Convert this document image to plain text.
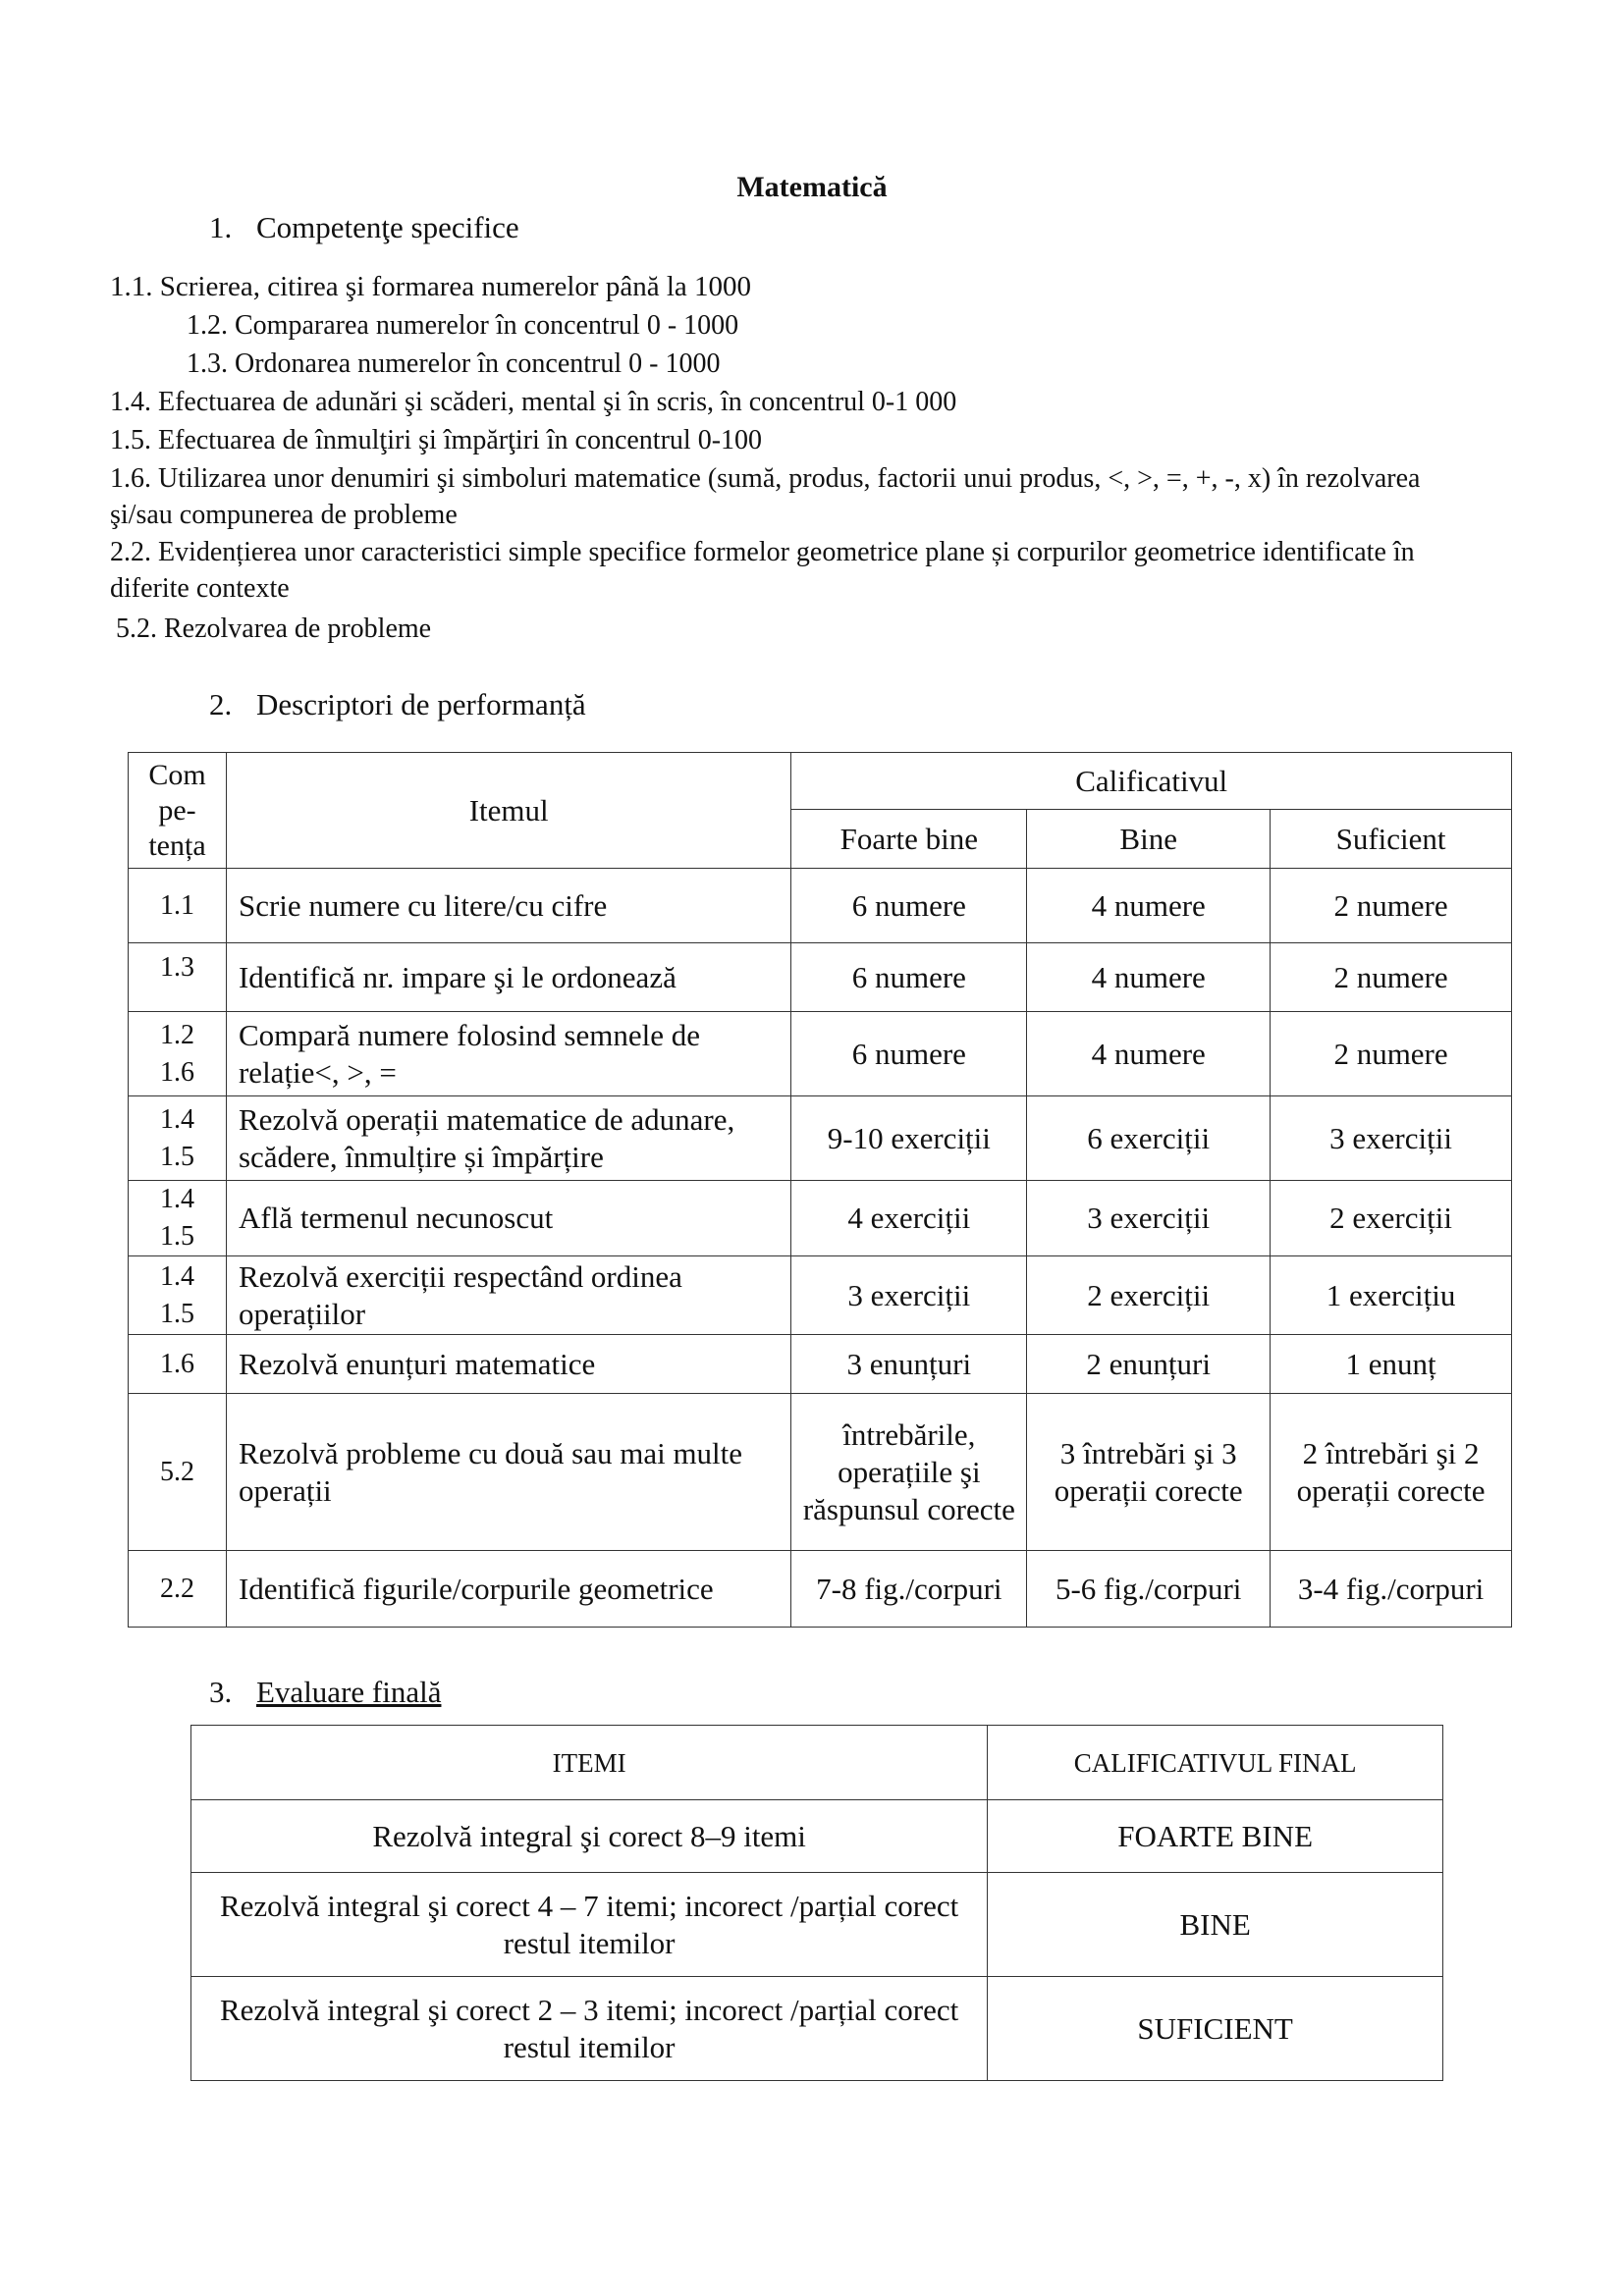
Matematică
1. Competenţe specifice
1.1. Scrierea, citirea şi formarea numerelor până la 1000
1.2. Compararea numerelor în concentrul 0 - 1000
1.3. Ordonarea numerelor în concentrul 0 - 1000
1.4. Efectuarea de adunări şi scăderi, mental şi în scris, în concentrul 0-1 000
1.5. Efectuarea de înmulţiri şi împărţiri în concentrul 0-100
1.6. Utilizarea unor denumiri şi simboluri matematice (sumă, produs, factorii unui produs, <, >, =, +, -, x) în rezolvarea şi/sau compunerea de probleme
2.2. Evidențierea unor caracteristici simple specifice formelor geometrice plane și corpurilor geometrice identificate în diferite contexte
5.2. Rezolvarea de probleme
2. Descriptori de performanță
Com pe- tența	Itemul	Calificativul		
		Foarte bine	Bine	Suficient

1.1	Scrie numere cu litere/cu cifre	6 numere	4 numere	2 numere

1.3	Identifică nr. impare şi le ordonează	6 numere	4 numere	2 numere

1.2
1.6	Compară numere folosind semnele de relație<, >, =	6 numere	4 numere	2 numere

1.4
1.5	Rezolvă operații matematice de adunare, scădere, înmulțire și împărțire	9-10 exerciții	6 exerciții	3 exerciții

1.4
1.5	Află termenul necunoscut	4 exerciții	3 exerciții	2 exerciții

1.4
1.5	Rezolvă exerciții respectând ordinea operațiilor	3 exerciții	2 exerciții	1 exercițiu

1.6	Rezolvă enunțuri matematice	3 enunțuri	2 enunțuri	1 enunț

5.2	Rezolvă probleme cu două sau mai multe operații	întrebările, operațiile şi răspunsul corecte	3 întrebări şi 3 operații corecte	2 întrebări şi 2 operații corecte

2.2	Identifică figurile/corpurile geometrice	7-8 fig./corpuri	5-6 fig./corpuri	3-4 fig./corpuri
3. Evaluare finală
ITEMI	CALIFICATIVUL FINAL
Rezolvă integral şi corect 8–9 itemi	FOARTE BINE
Rezolvă integral şi corect 4 – 7 itemi; incorect /parțial corect restul itemilor	BINE
Rezolvă integral şi corect 2 – 3 itemi; incorect /parțial corect restul itemilor	SUFICIENT
